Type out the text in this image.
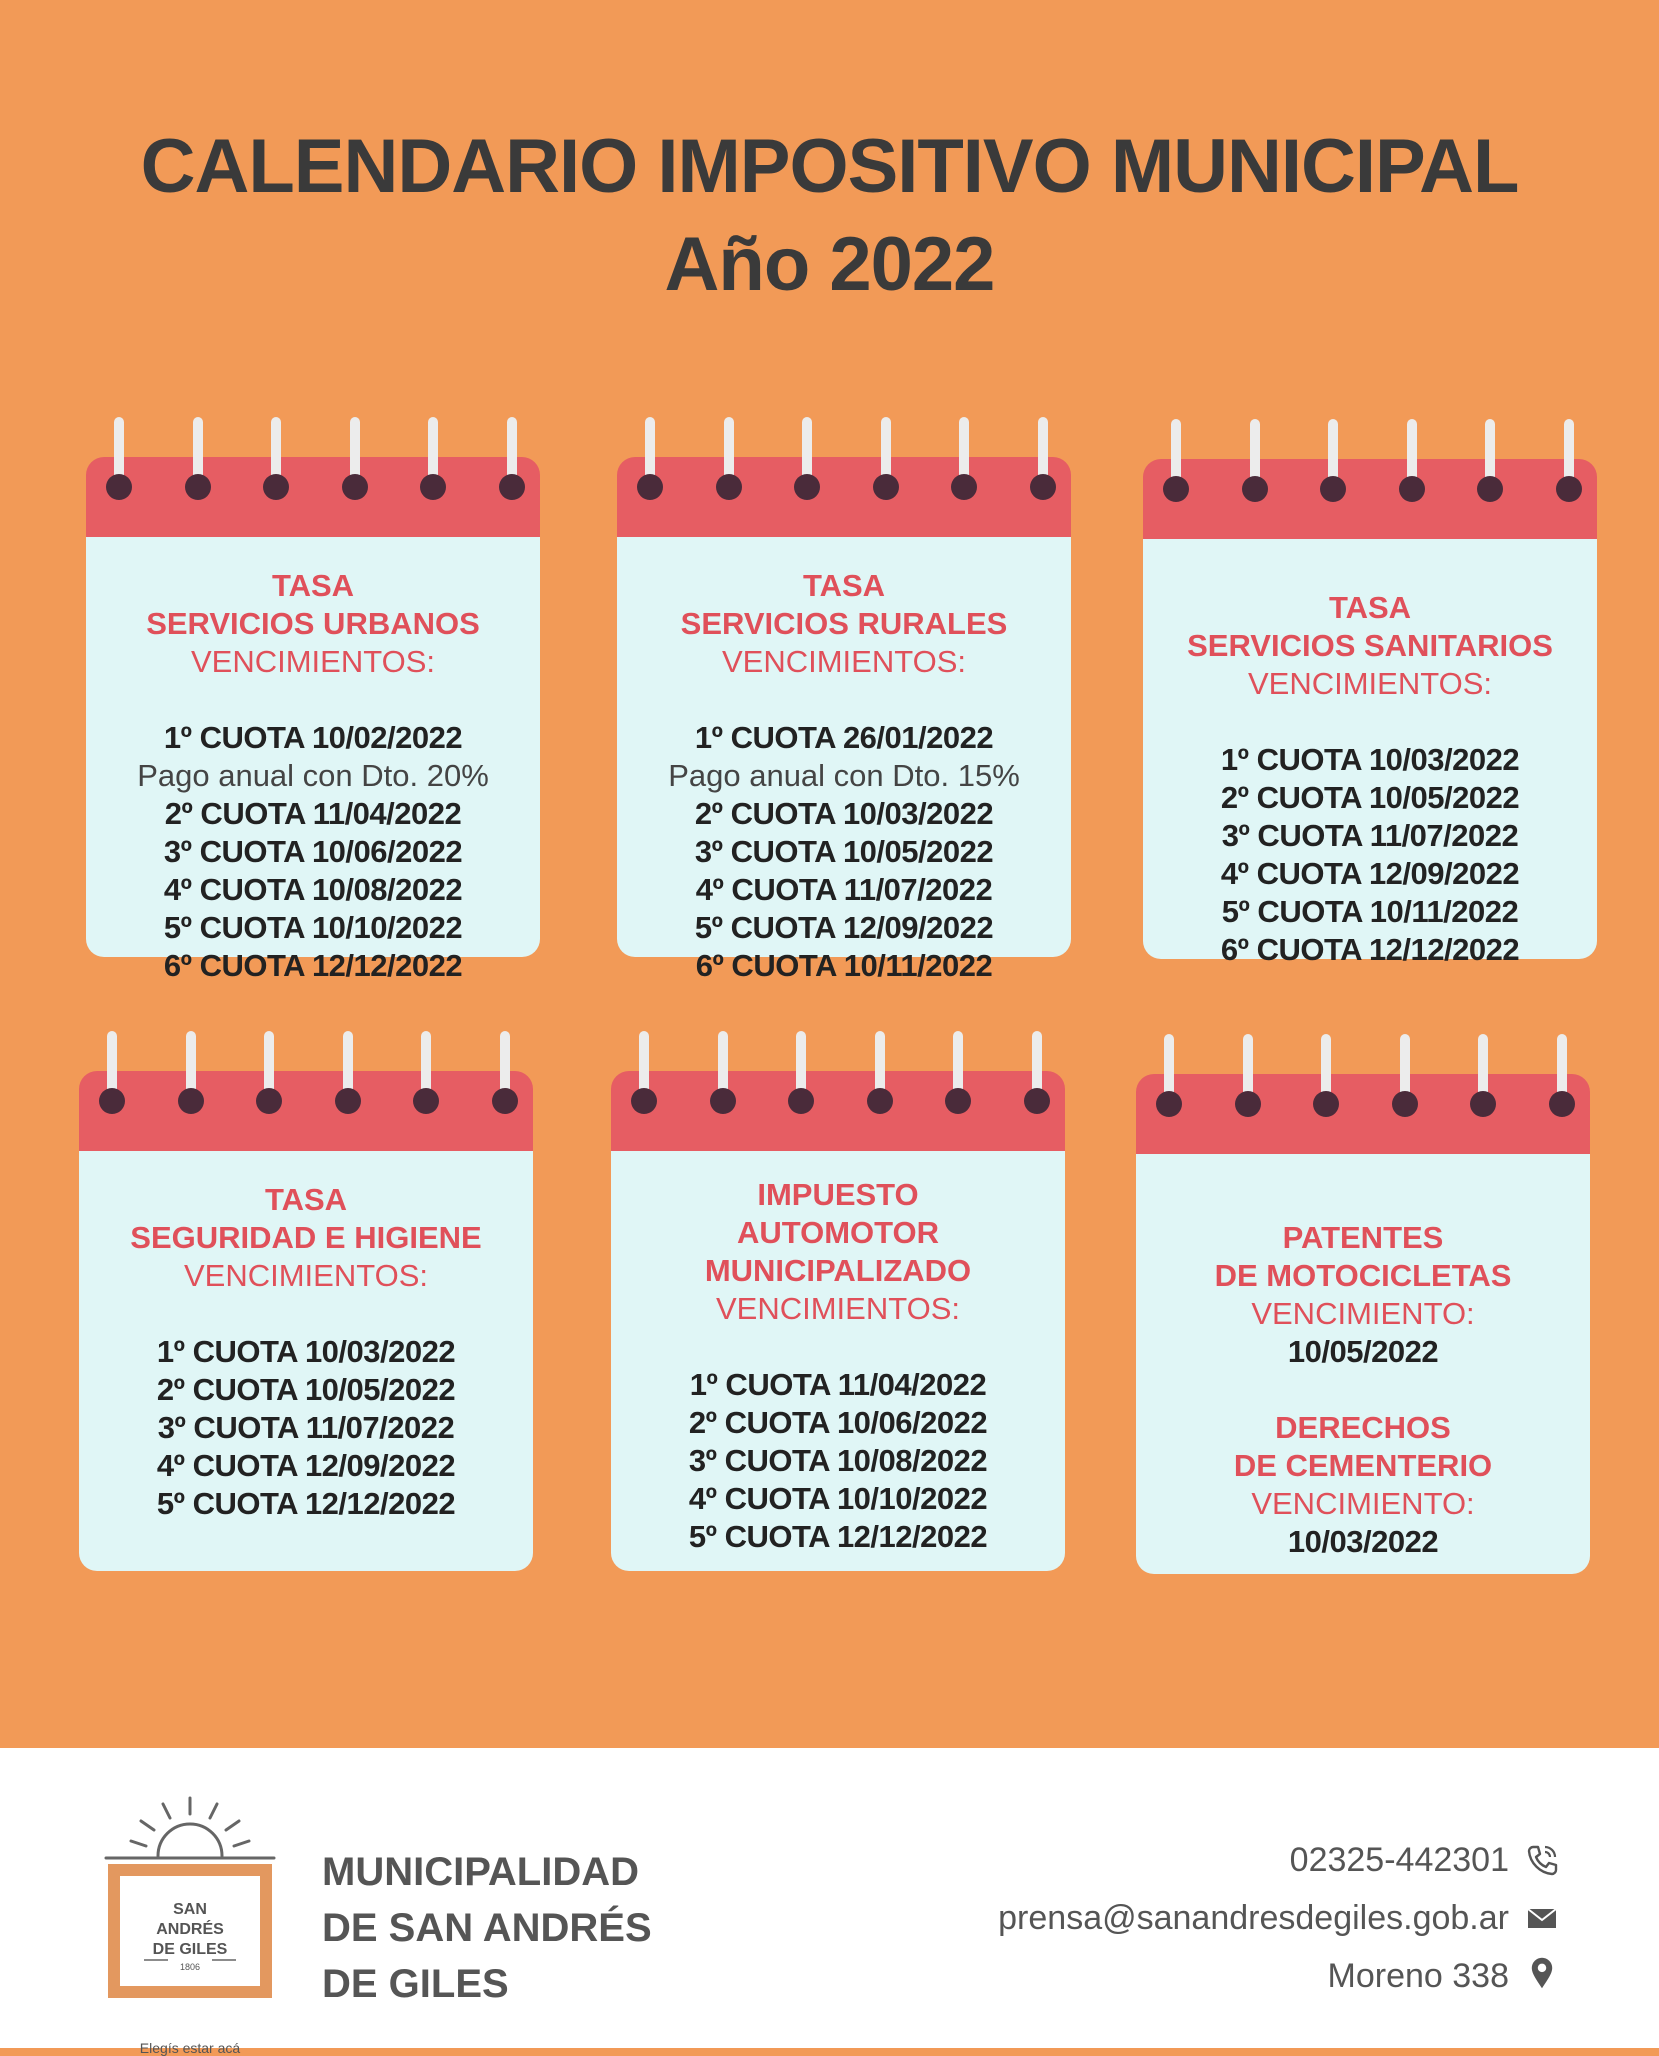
CALENDARIO IMPOSITIVO MUNICIPAL
Año 2022
TASA
SERVICIOS URBANOS
VENCIMIENTOS:
1º CUOTA 10/02/2022
Pago anual con Dto. 20%
2º CUOTA 11/04/2022
3º CUOTA 10/06/2022
4º CUOTA 10/08/2022
5º CUOTA 10/10/2022
6º CUOTA 12/12/2022
TASA
SERVICIOS RURALES
VENCIMIENTOS:
1º CUOTA 26/01/2022
Pago anual con Dto. 15%
2º CUOTA 10/03/2022
3º CUOTA 10/05/2022
4º CUOTA 11/07/2022
5º CUOTA 12/09/2022
6º CUOTA 10/11/2022
TASA
SERVICIOS SANITARIOS
VENCIMIENTOS:
1º CUOTA 10/03/2022
2º CUOTA 10/05/2022
3º CUOTA 11/07/2022
4º CUOTA 12/09/2022
5º CUOTA 10/11/2022
6º CUOTA 12/12/2022
TASA
SEGURIDAD E HIGIENE
VENCIMIENTOS:
1º CUOTA 10/03/2022
2º CUOTA 10/05/2022
3º CUOTA 11/07/2022
4º CUOTA 12/09/2022
5º CUOTA 12/12/2022
IMPUESTO
AUTOMOTOR
MUNICIPALIZADO
VENCIMIENTOS:
1º CUOTA 11/04/2022
2º CUOTA 10/06/2022
3º CUOTA 10/08/2022
4º CUOTA 10/10/2022
5º CUOTA 12/12/2022
PATENTES
DE MOTOCICLETAS
VENCIMIENTO:
10/05/2022
DERECHOS
DE CEMENTERIO
VENCIMIENTO:
10/03/2022
SAN
ANDRÉS
DE GILES
1806
Elegís estar acá
MUNICIPALIDAD
DE SAN ANDRÉS
DE GILES
02325-442301
prensa@sanandresdegiles.gob.ar
Moreno 338
